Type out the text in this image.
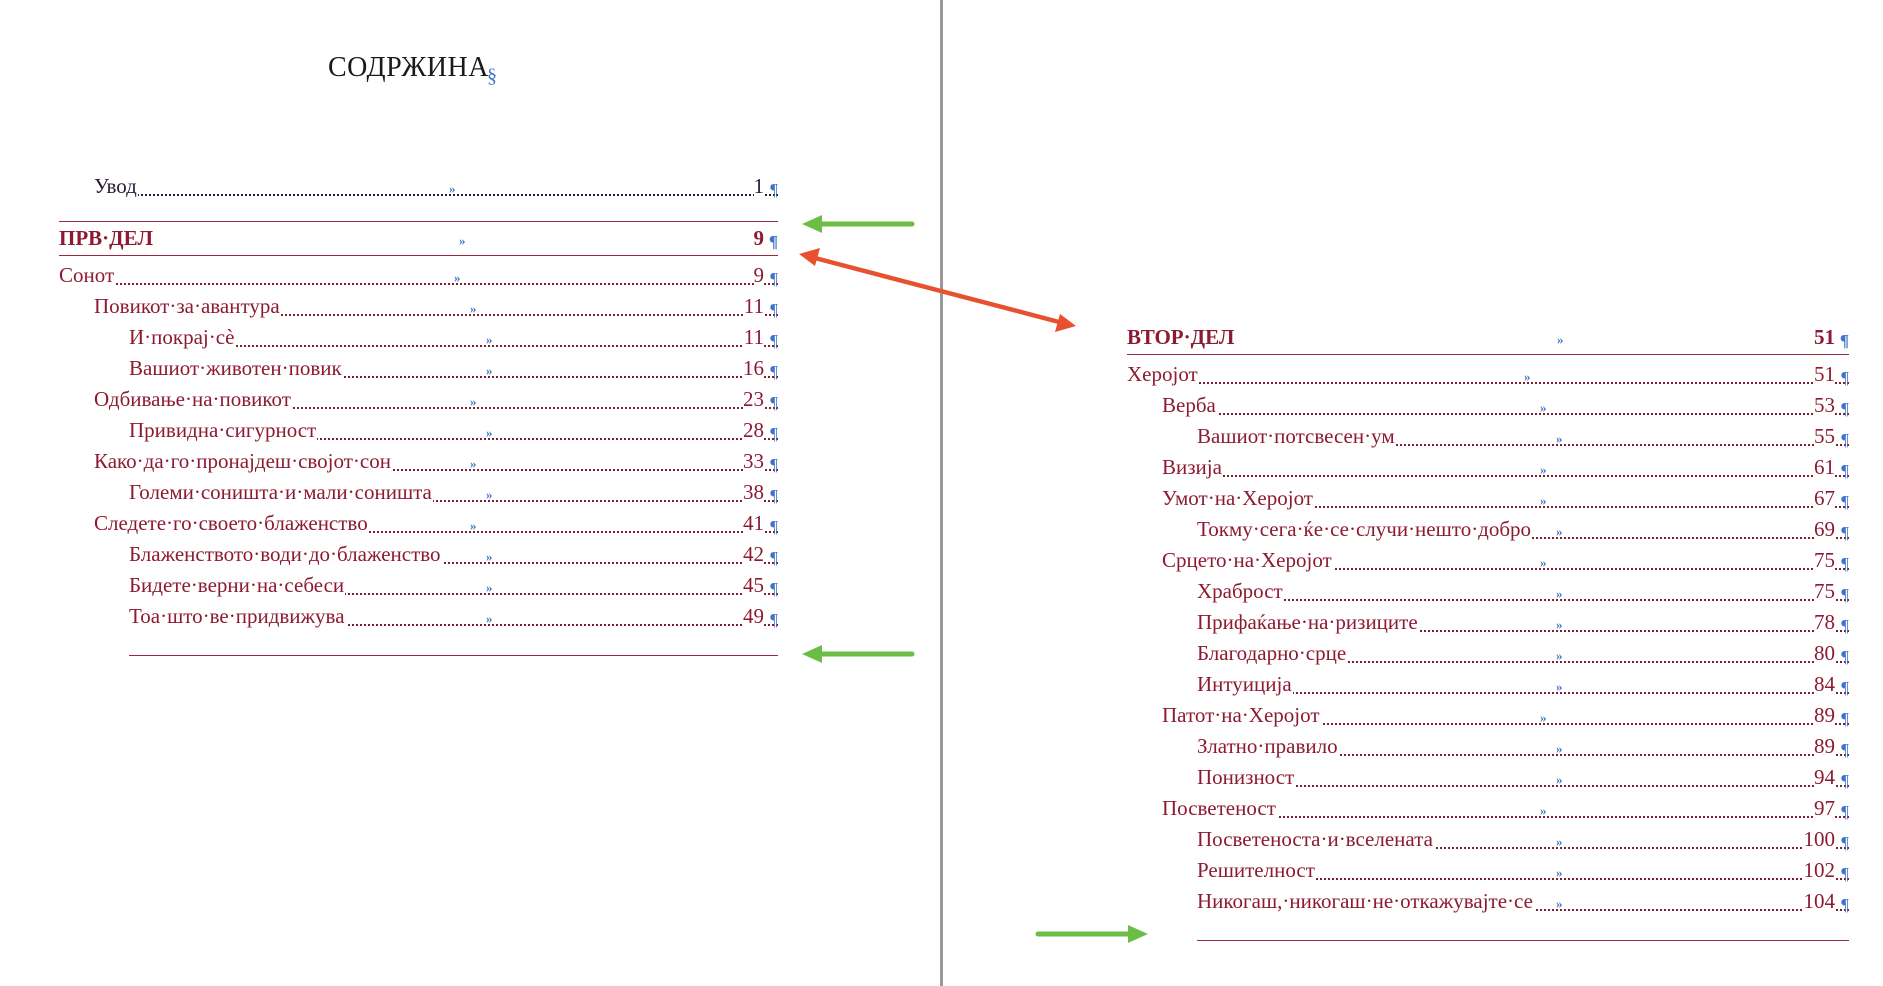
$СОДРЖИНА_\S$
»
Увод	1 ¶
»
ПРВ·ДЕЛ	9 ¶
»
Сонот	9 ¶
»
Повикот·за·авантура	11 ¶
»
И·покрај·сè	11 ¶
»
Вашиот·животен·повик	16 ¶
»
Одбивање·на·повикот	23 ¶
»
Привидна·сигурност	28 ¶
»
Како·да·го·пронајдеш·својот·сон	33 ¶
»
Големи·соништа·и·мали·соништа	38 ¶
»
Следете·го·своето·блаженство	41 ¶
»
Блаженството·води·до·блаженство	42 ¶
»
Бидете·верни·на·себеси	45 ¶
»
Тоа·што·ве·придвижува	49 ¶
»
ВТОР·ДЕЛ	51 ¶
»
Херојот	51 ¶
»
Верба	53 ¶
»
Вашиот·потсвесен·ум	55 ¶
»
Визија	61 ¶
»
Умот·на·Херојот	67 ¶
»
Токму·сега·ќе·се·случи·нешто·добро	69 ¶
»
Срцето·на·Херојот	75 ¶
»
Храброст	75 ¶
»
Прифаќање·на·ризиците	78 ¶
»
Благодарно·срце	80 ¶
»
Интуиција	84 ¶
»
Патот·на·Херојот	89 ¶
»
Златно·правило	89 ¶
»
Понизност	94 ¶
»
Посветеност	97 ¶
»
Посветеноста·и·вселената	100 ¶
»
Решителност	102 ¶
»
Никогаш,·никогаш·не·откажувајте·се	104 ¶
